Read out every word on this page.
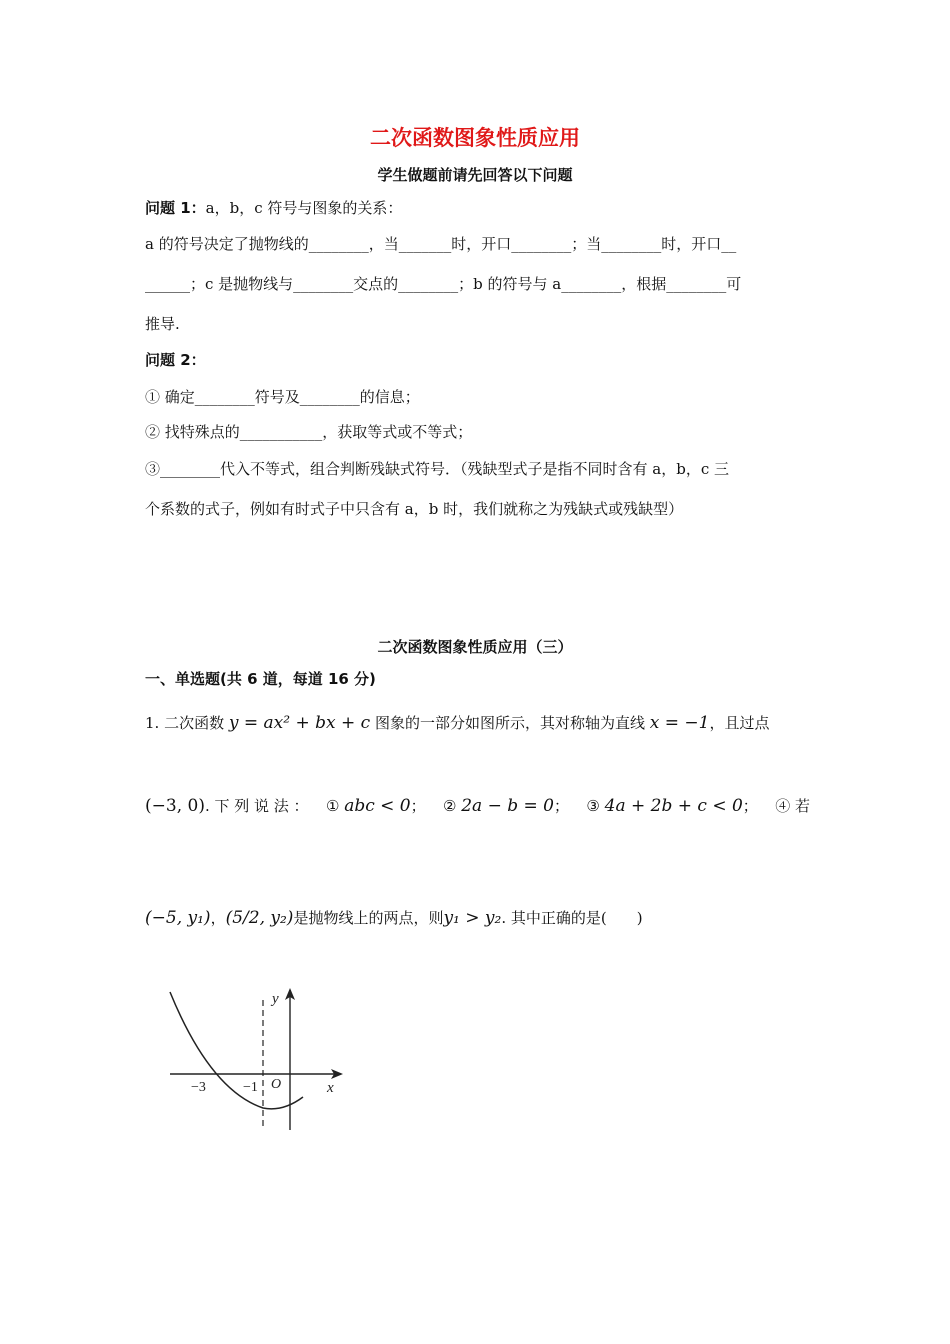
二次函数图象性质应用
学生做题前请先回答以下问题
问题 1：a，b，c 符号与图象的关系：
a 的符号决定了抛物线的________，当_______时，开口________；当________时，开口__
______；c 是抛物线与________交点的________；b 的符号与 a________，根据________可
推导.
问题 2：
① 确定________符号及________的信息；
② 找特殊点的___________，获取等式或不等式；
③________代入不等式，组合判断残缺式符号．（残缺型式子是指不同时含有 a，b，c 三
个系数的式子，例如有时式子中只含有 a，b 时，我们就称之为残缺式或残缺型）
二次函数图象性质应用（三）
一、单选题(共 6 道，每道 16 分)
1. 二次函数 y = ax² + bx + c 图象的一部分如图所示，其对称轴为直线 x = −1，且过点
(−3, 0). 下 列 说 法 ： ① abc < 0； ② 2a − b = 0； ③ 4a + 2b + c < 0； ④ 若
(−5, y₁)，(5/2, y₂)是抛物线上的两点，则y₁ > y₂. 其中正确的是(　　)
y
x
O
−3	−1
